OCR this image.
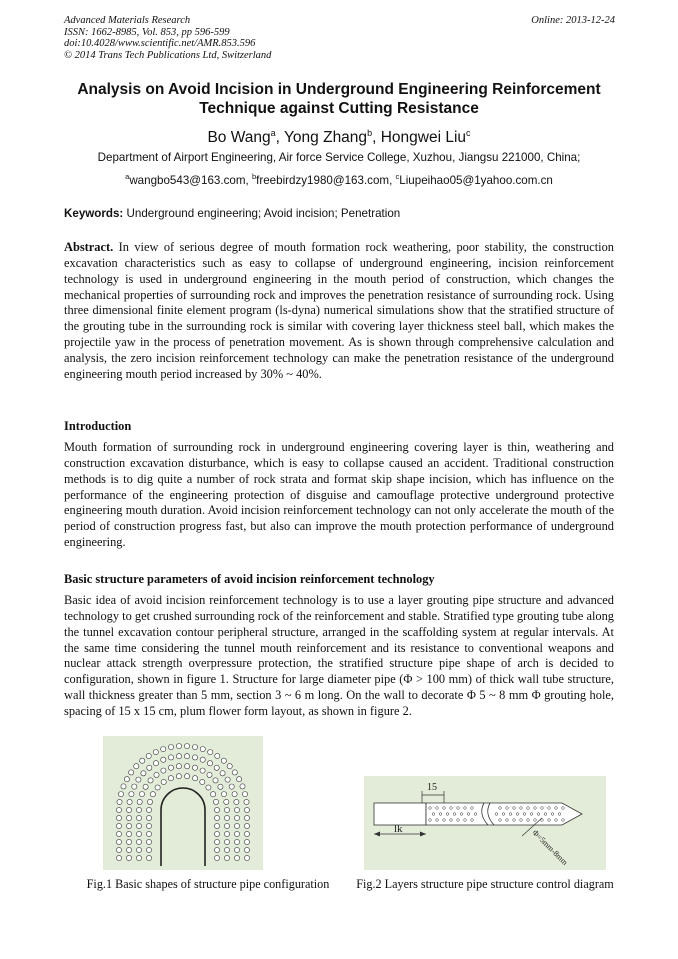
Advanced Materials Research
ISSN: 1662-8985, Vol. 853, pp 596-599
doi:10.4028/www.scientific.net/AMR.853.596
© 2014 Trans Tech Publications Ltd, Switzerland
Online: 2013-12-24
Analysis on Avoid Incision in Underground Engineering Reinforcement
Technique against Cutting Resistance
Bo Wang$^a$, Yong Zhang$^b$, Hongwei Liu$^c$
Department of Airport Engineering, Air force Service College, Xuzhou, Jiangsu 221000, China;
$^a$wangbo543@163.com, $^b$freebirdzy1980@163.com, $^c$Liupeihao05@1yahoo.com.cn
Keywords: Underground engineering; Avoid incision; Penetration
Abstract. In view of serious degree of mouth formation rock weathering, poor stability, the construction excavation characteristics such as easy to collapse of underground engineering, incision reinforcement technology is used in underground engineering in the mouth period of construction, which changes the mechanical properties of surrounding rock and improves the penetration resistance of surrounding rock. Using three dimensional finite element program (ls-dyna) numerical simulations show that the stratified structure of the grouting tube in the surrounding rock is similar with covering layer thickness steel ball, which makes the projectile yaw in the process of penetration movement. As is shown through comprehensive calculation and analysis, the zero incision reinforcement technology can make the penetration resistance of the underground engineering mouth period increased by 30% ~ 40%.
Introduction
Mouth formation of surrounding rock in underground engineering covering layer is thin, weathering and construction excavation disturbance, which is easy to collapse caused an accident. Traditional construction methods is to dig quite a number of rock strata and format skip shape incision, which has influence on the performance of the engineering protection of disguise and camouflage protective underground protective engineering mouth duration. Avoid incision reinforcement technology can not only accelerate the mouth of the period of construction progress fast, but also can improve the mouth protection performance of underground engineering.
Basic structure parameters of avoid incision reinforcement technology
Basic idea of avoid incision reinforcement technology is to use a layer grouting pipe structure and advanced technology to get crushed surrounding rock of the reinforcement and stable. Stratified type grouting tube along the tunnel excavation contour peripheral structure, arranged in the scaffolding system at regular intervals. At the same time considering the tunnel mouth reinforcement and its resistance to conventional weapons and nuclear attack strength overpressure protection, the stratified structure pipe shape of arch is decided to configuration, shown in figure 1. Structure for large diameter pipe (Φ > 100 mm) of thick wall tube structure, wall thickness greater than 5 mm, section 3 ~ 6 m long. On the wall to decorate Φ 5 ~ 8 mm Φ grouting hole, spacing of 15 x 15 cm, plum flower form layout, as shown in figure 2.
Fig.1 Basic shapes of structure pipe configuration
15
lk	Φ=5mm-8mm
Fig.2 Layers structure pipe structure control diagram
